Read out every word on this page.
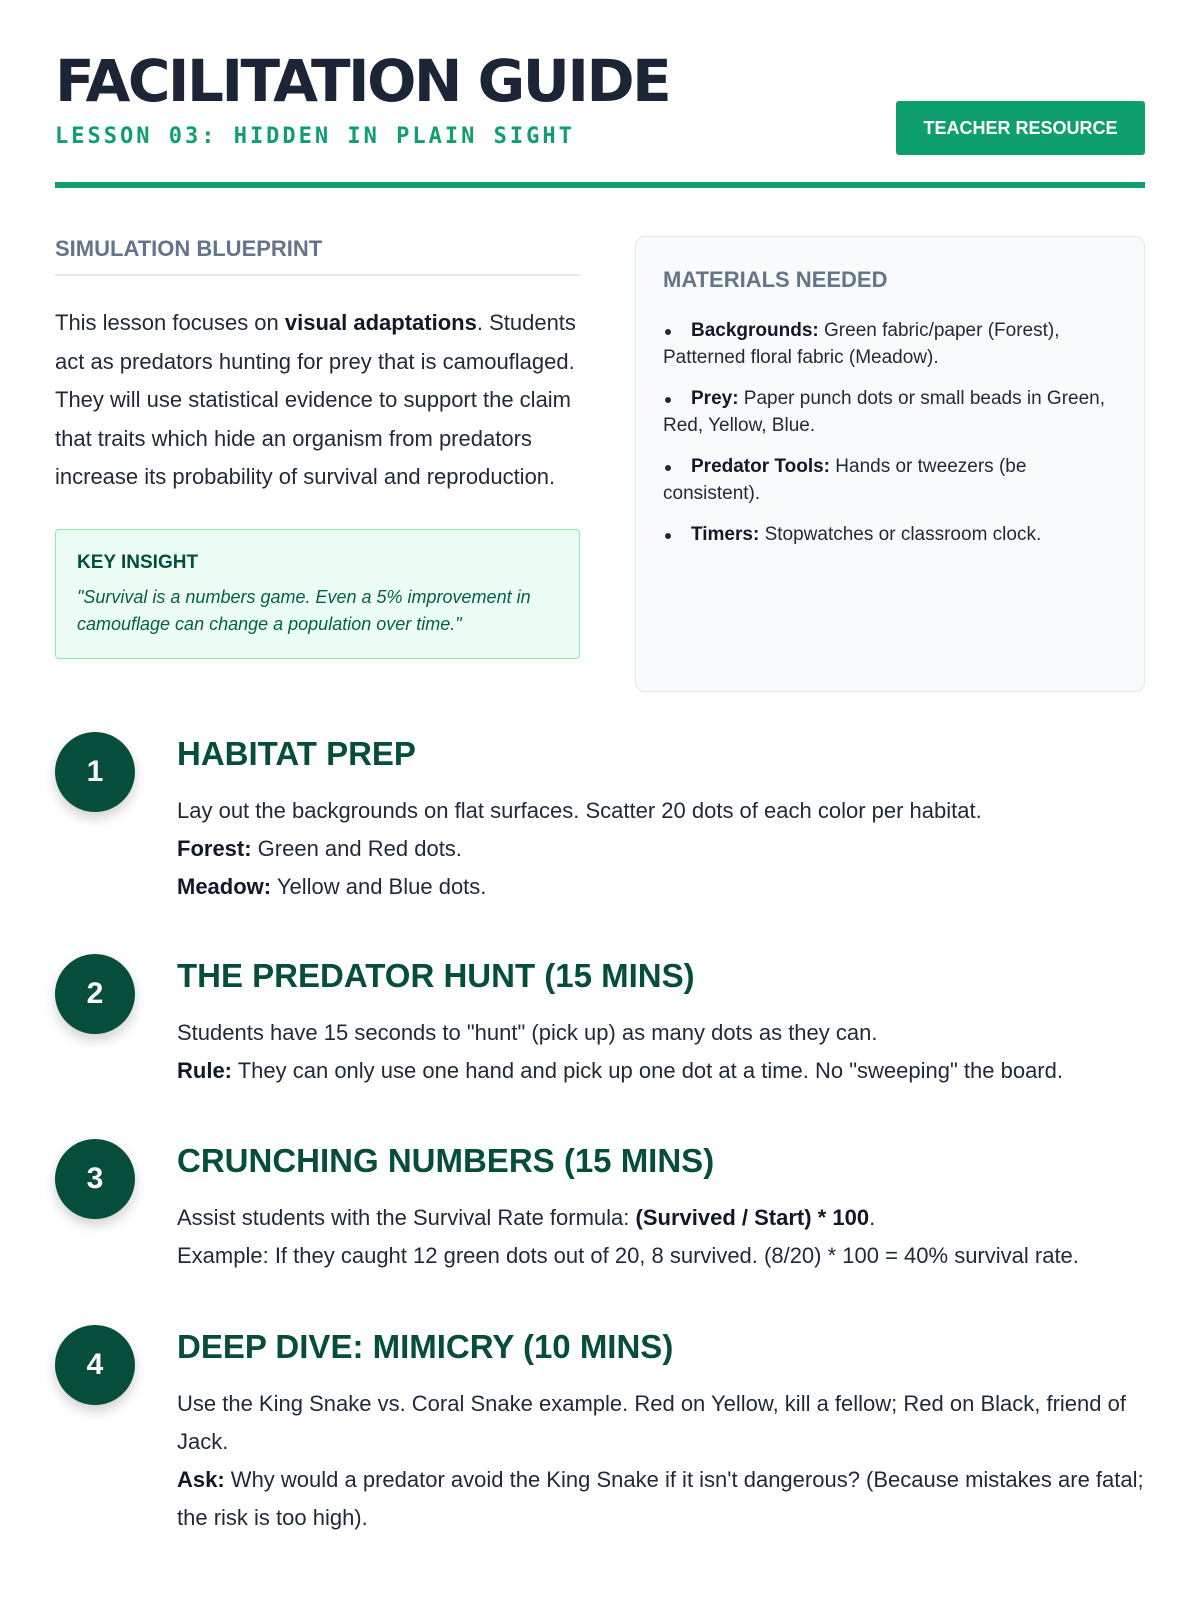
FACILITATION GUIDE
LESSON 03: HIDDEN IN PLAIN SIGHT	TEACHER RESOURCE
SIMULATION BLUEPRINT

This lesson focuses on visual adaptations. Students act as predators hunting for prey that is camouflaged. They will use statistical evidence to support the claim that traits which hide an organism from predators increase its probability of survival and reproduction.

KEY INSIGHT
"Survival is a numbers game. Even a 5% improvement in camouflage can change a population over time."
MATERIALS NEEDED
Backgrounds: Green fabric/paper (Forest), Patterned floral fabric (Meadow).
Prey: Paper punch dots or small beads in Green, Red, Yellow, Blue.
Predator Tools: Hands or tweezers (be consistent).
Timers: Stopwatches or classroom clock.
1	HABITAT PREP
Lay out the backgrounds on flat surfaces. Scatter 20 dots of each color per habitat.
Forest: Green and Red dots.
Meadow: Yellow and Blue dots.
2	THE PREDATOR HUNT (15 MINS)
Students have 15 seconds to "hunt" (pick up) as many dots as they can.
Rule: They can only use one hand and pick up one dot at a time. No "sweeping" the board.
3	CRUNCHING NUMBERS (15 MINS)
Assist students with the Survival Rate formula: (Survived / Start) * 100.
Example: If they caught 12 green dots out of 20, 8 survived. (8/20) * 100 = 40% survival rate.
4	DEEP DIVE: MIMICRY (10 MINS)
Use the King Snake vs. Coral Snake example. Red on Yellow, kill a fellow; Red on Black, friend of Jack.
Ask: Why would a predator avoid the King Snake if it isn't dangerous? (Because mistakes are fatal; the risk is too high).
